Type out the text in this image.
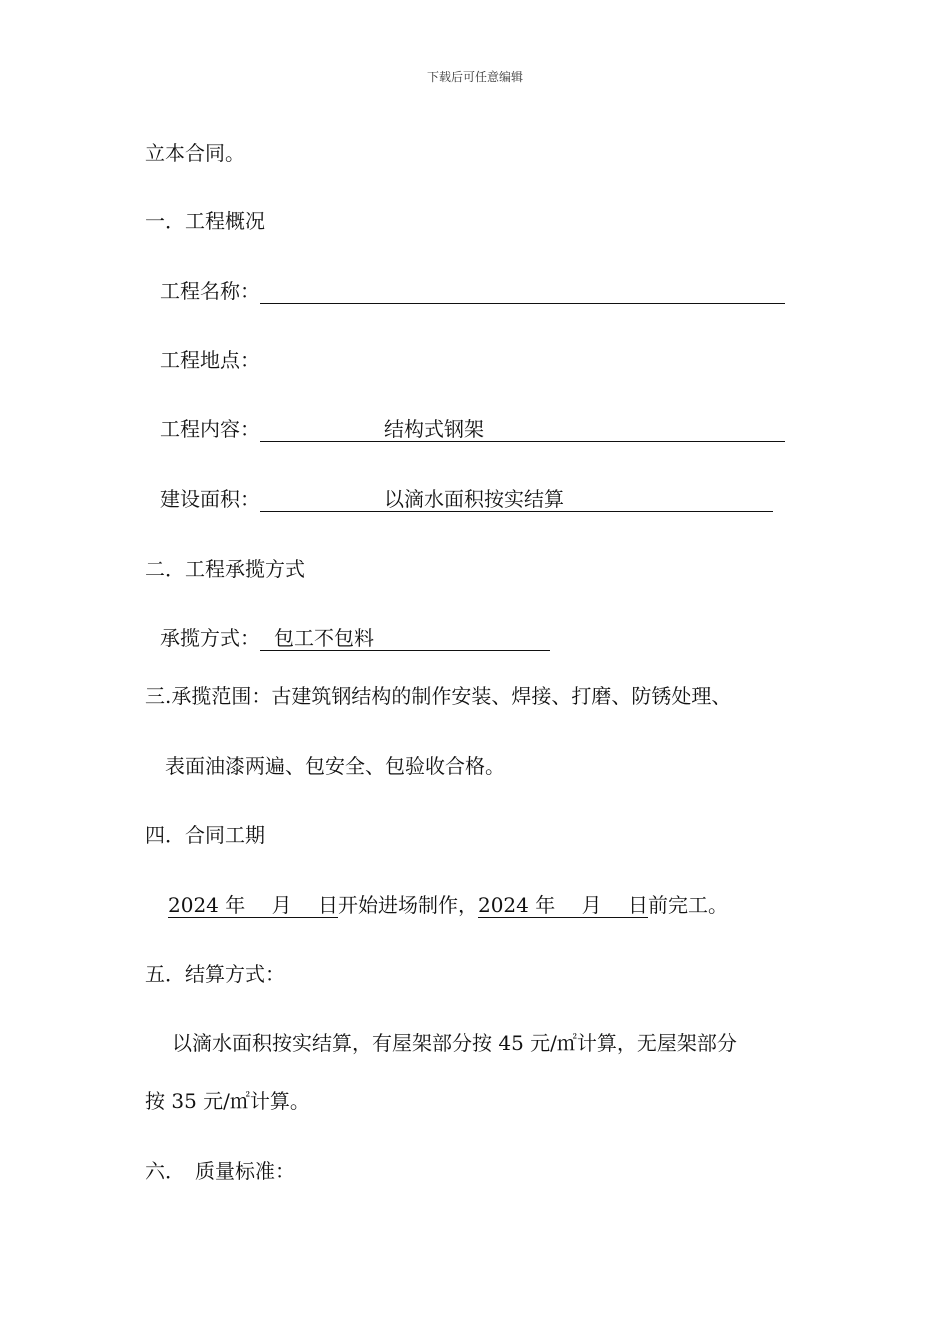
下载后可任意编辑
立本合同。
一．工程概况
工程名称：
工程地点：
工程内容：	结构式钢架
建设面积：	以滴水面积按实结算
二．工程承揽方式
承揽方式： 包工不包料
三.承揽范围：古建筑钢结构的制作安装、焊接、打磨、防锈处理、
表面油漆两遍、包安全、包验收合格。
四．合同工期
2024 年　 月　 日开始进场制作，2024 年　 月　 日前完工。
五．结算方式：
以滴水面积按实结算，有屋架部分按 45 元/㎡计算，无屋架部分
按 35 元/㎡计算。
六．　质量标准：
